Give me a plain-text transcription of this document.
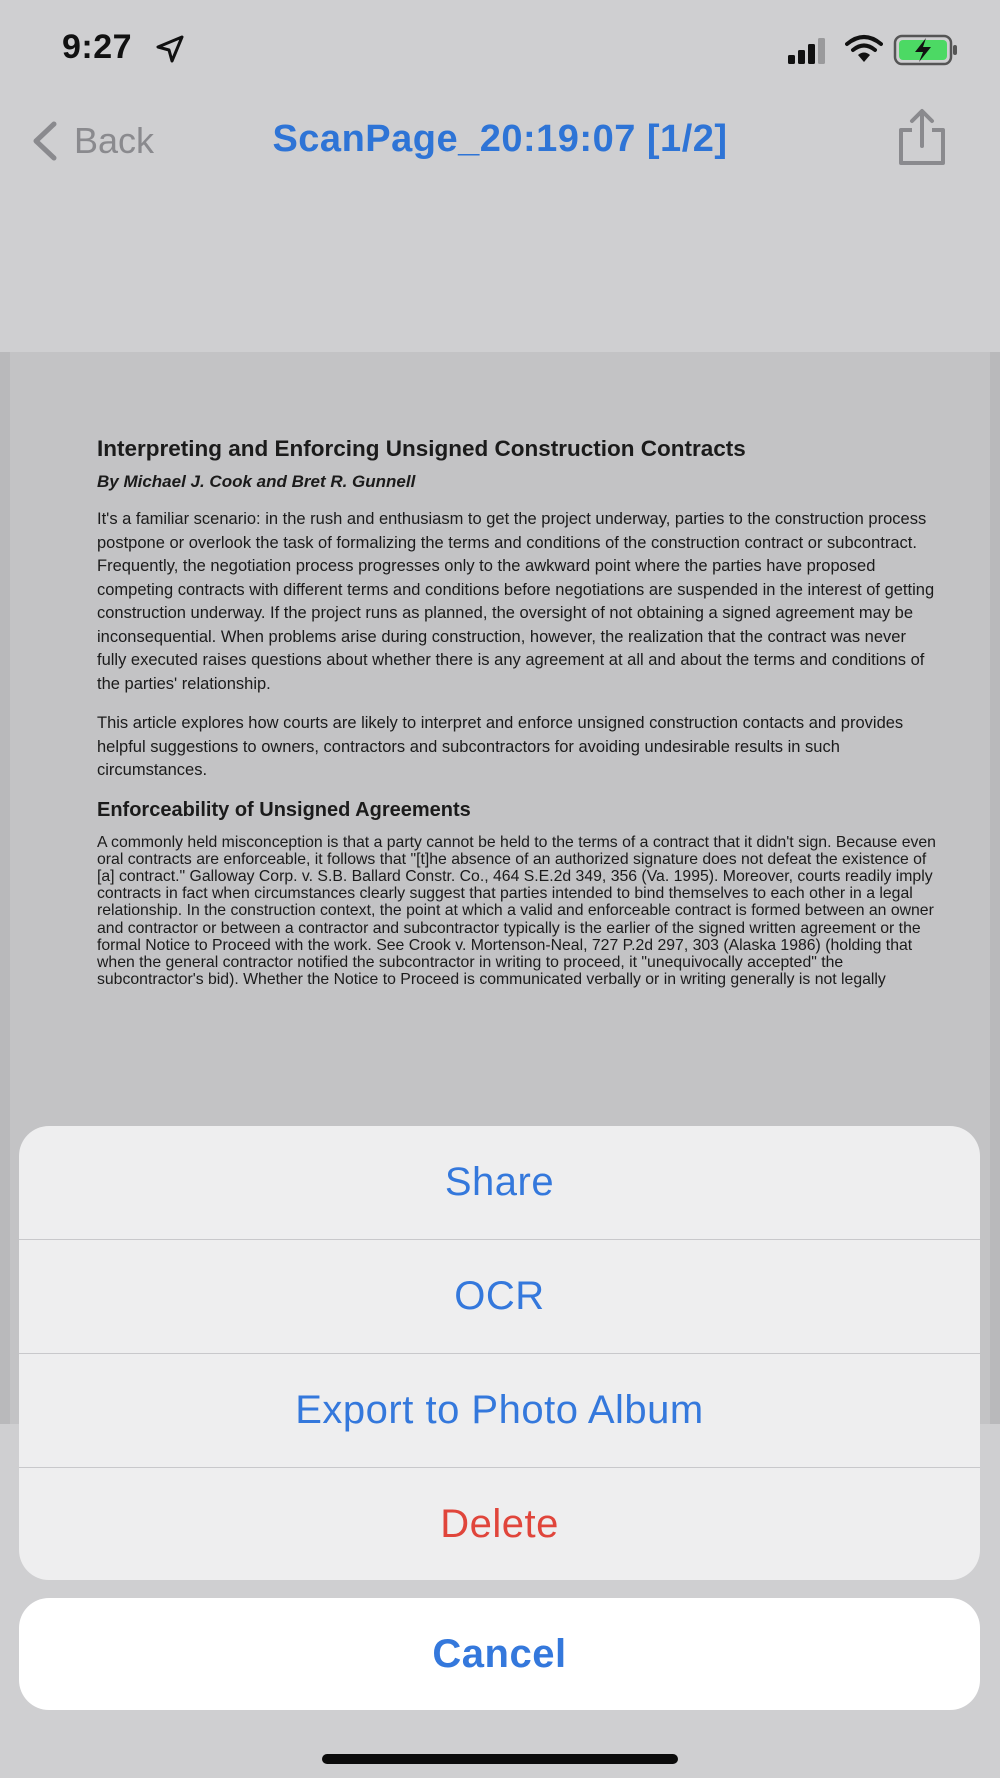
9:27
Back	ScanPage_20:19:07 [1/2]
Interpreting and Enforcing Unsigned Construction Contracts
By Michael J. Cook and Bret R. Gunnell

It's a familiar scenario: in the rush and enthusiasm to get the project underway, parties to the construction process postpone or overlook the task of formalizing the terms and conditions of the construction contract or subcontract. Frequently, the negotiation process progresses only to the awkward point where the parties have proposed competing contracts with different terms and conditions before negotiations are suspended in the interest of getting construction underway. If the project runs as planned, the oversight of not obtaining a signed agreement may be inconsequential. When problems arise during construction, however, the realization that the contract was never fully executed raises questions about whether there is any agreement at all and about the terms and conditions of the parties' relationship.

This article explores how courts are likely to interpret and enforce unsigned construction contacts and provides helpful suggestions to owners, contractors and subcontractors for avoiding undesirable results in such circumstances.

Enforceability of Unsigned Agreements

A commonly held misconception is that a party cannot be held to the terms of a contract that it didn't sign. Because even oral contracts are enforceable, it follows that "[t]he absence of an authorized signature does not defeat the existence of [a] contract." Galloway Corp. v. S.B. Ballard Constr. Co., 464 S.E.2d 349, 356 (Va. 1995). Moreover, courts readily imply contracts in fact when circumstances clearly suggest that parties intended to bind themselves to each other in a legal relationship. In the construction context, the point at which a valid and enforceable contract is formed between an owner and contractor or between a contractor and subcontractor typically is the earlier of the signed written agreement or the formal Notice to Proceed with the work. See Crook v. Mortenson-Neal, 727 P.2d 297, 303 (Alaska 1986) (holding that when the general contractor notified the subcontractor in writing to proceed, it "unequivocally accepted" the subcontractor's bid). Whether the Notice to Proceed is communicated verbally or in writing generally is not legally

Share
OCR
Export to Photo Album
Delete
Cancel
